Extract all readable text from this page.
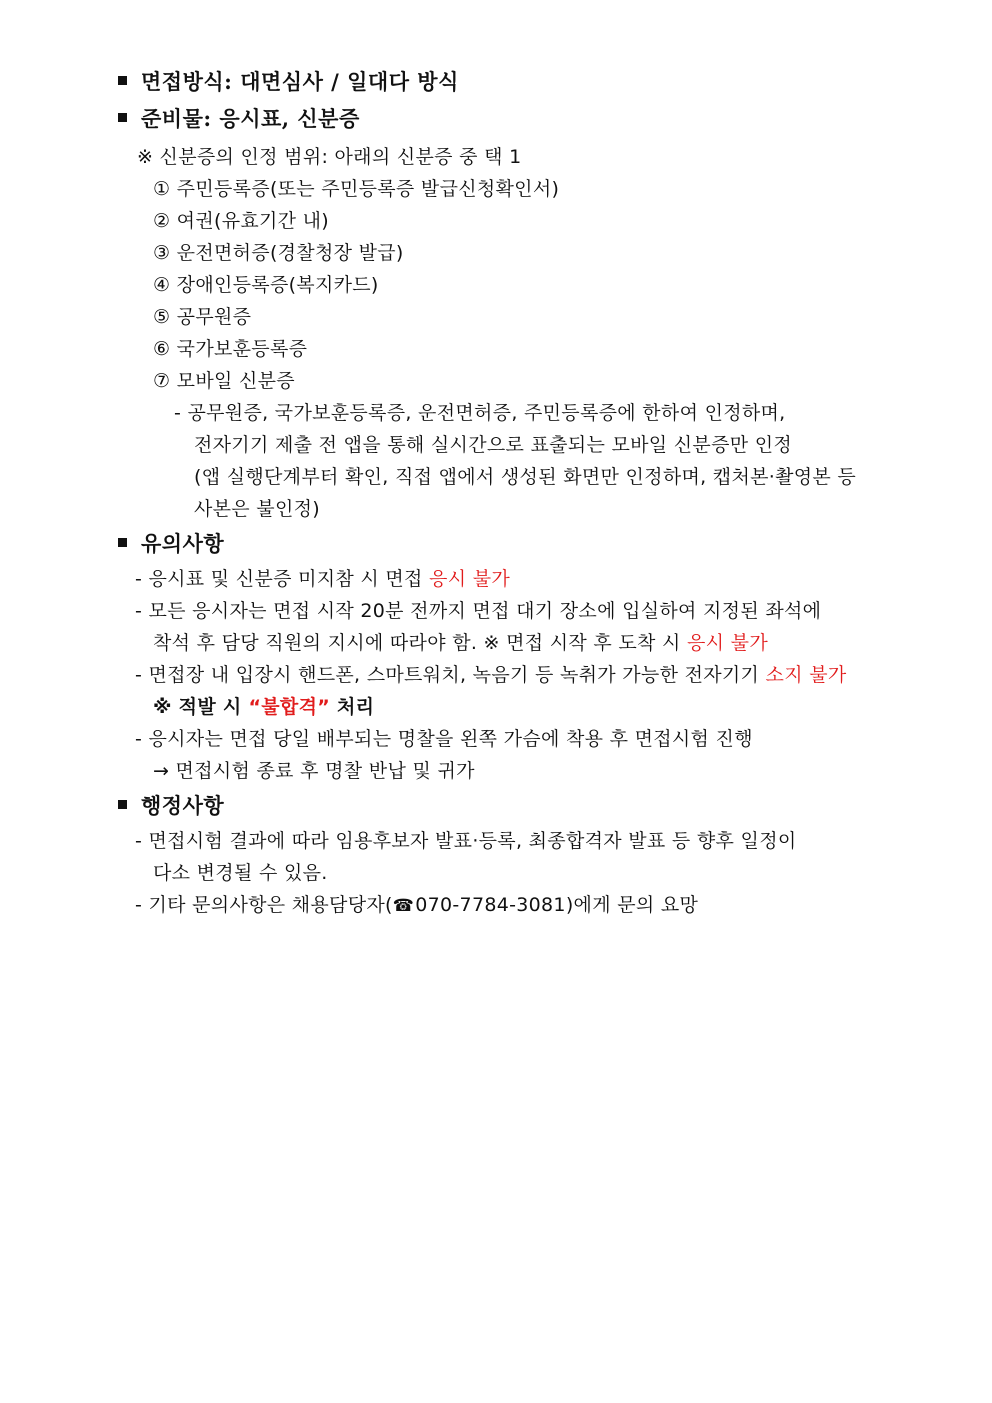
면접방식: 대면심사 / 일대다 방식
준비물: 응시표, 신분증
※ 신분증의 인정 범위: 아래의 신분증 중 택 1
① 주민등록증(또는 주민등록증 발급신청확인서)
② 여권(유효기간 내)
③ 운전면허증(경찰청장 발급)
④ 장애인등록증(복지카드)
⑤ 공무원증
⑥ 국가보훈등록증
⑦ 모바일 신분증
- 공무원증, 국가보훈등록증, 운전면허증, 주민등록증에 한하여 인정하며,
전자기기 제출 전 앱을 통해 실시간으로 표출되는 모바일 신분증만 인정
(앱 실행단계부터 확인, 직접 앱에서 생성된 화면만 인정하며, 캡처본·촬영본 등
사본은 불인정)
유의사항
- 응시표 및 신분증 미지참 시 면접 응시 불가
- 모든 응시자는 면접 시작 20분 전까지 면접 대기 장소에 입실하여 지정된 좌석에
착석 후 담당 직원의 지시에 따라야 함. ※ 면접 시작 후 도착 시 응시 불가
- 면접장 내 입장시 핸드폰, 스마트워치, 녹음기 등 녹취가 가능한 전자기기 소지 불가
※ 적발 시 “불합격” 처리
- 응시자는 면접 당일 배부되는 명찰을 왼쪽 가슴에 착용 후 면접시험 진행
→ 면접시험 종료 후 명찰 반납 및 귀가
행정사항
- 면접시험 결과에 따라 임용후보자 발표·등록, 최종합격자 발표 등 향후 일정이
다소 변경될 수 있음.
- 기타 문의사항은 채용담당자(☎070-7784-3081)에게 문의 요망
